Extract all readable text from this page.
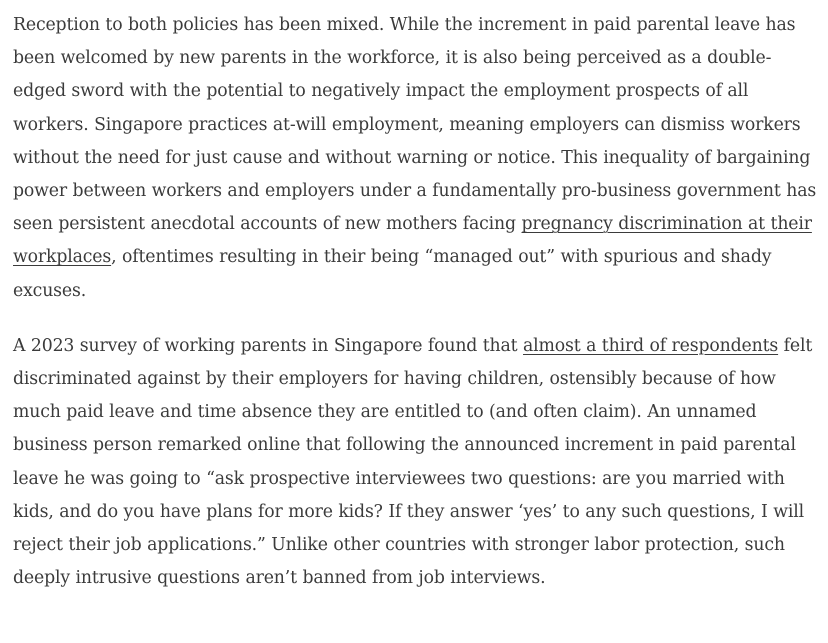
Reception to both policies has been mixed. While the increment in paid parental leave has been welcomed by new parents in the workforce, it is also being perceived as a double-edged sword with the potential to negatively impact the employment prospects of all workers. Singapore practices at-will employment, meaning employers can dismiss workers without the need for just cause and without warning or notice. This inequality of bargaining power between workers and employers under a fundamentally pro-business government has seen persistent anecdotal accounts of new mothers facing pregnancy discrimination at their workplaces, oftentimes resulting in their being “managed out” with spurious and shady excuses.

A 2023 survey of working parents in Singapore found that almost a third of respondents felt discriminated against by their employers for having children, ostensibly because of how much paid leave and time absence they are entitled to (and often claim). An unnamed business person remarked online that following the announced increment in paid parental leave he was going to “ask prospective interviewees two questions: are you married with kids, and do you have plans for more kids? If they answer ‘yes’ to any such questions, I will reject their job applications.” Unlike other countries with stronger labor protection, such deeply intrusive questions aren’t banned from job interviews.
